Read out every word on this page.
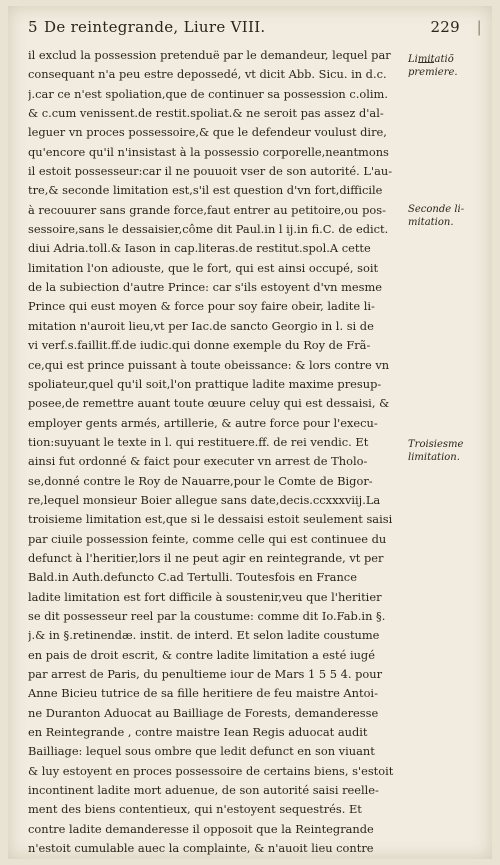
5 De reintegrande, Liure VIII.	229 |
il exclud la possession pretenduë par le demandeur, lequel par
consequant n'a peu estre depossedé, vt dicit Abb. Sicu. in d.c.
j.car ce n'est spoliation,que de continuer sa possession c.olim.
& c.cum venissent.de restit.spoliat.& ne seroit pas assez d'al-
leguer vn proces possessoire,& que le defendeur voulust dire,
qu'encore qu'il n'insistast à la possessio corporelle,neantmons
il estoit possesseur:car il ne pouuoit vser de son autorité. L'au-
tre,& seconde limitation est,s'il est question d'vn fort,difficile
à recouurer sans grande force,faut entrer au petitoire,ou pos-
sessoire,sans le dessaisier,côme dit Paul.in l ij.in fi.C. de edict.
diui Adria.toll.& Iason in cap.literas.de restitut.spol.A cette
limitation l'on adiouste, que le fort, qui est ainsi occupé, soit
de la subiection d'autre Prince: car s'ils estoyent d'vn mesme
Prince qui eust moyen & force pour soy faire obeir, ladite li-
mitation n'auroit lieu,vt per Iac.de sancto Georgio in l. si de
vi verf.s.faillit.ff.de iudic.qui donne exemple du Roy de Frã-
ce,qui est prince puissant à toute obeissance: & lors contre vn
spoliateur,quel qu'il soit,l'on prattique ladite maxime presup-
posee,de remettre auant toute œuure celuy qui est dessaisi, &
employer gents armés, artillerie, & autre force pour l'execu-
tion:suyuant le texte in l. qui restituere.ff. de rei vendic. Et
ainsi fut ordonné & faict pour executer vn arrest de Tholo-
se,donné contre le Roy de Nauarre,pour le Comte de Bigor-
re,lequel monsieur Boier allegue sans date,decis.ccxxxviij.La
troisieme limitation est,que si le dessaisi estoit seulement saisi
par ciuile possession feinte, comme celle qui est continuee du
defunct à l'heritier,lors il ne peut agir en reintegrande, vt per
Bald.in Auth.defuncto C.ad Tertulli. Toutesfois en France
ladite limitation est fort difficile à soustenir,veu que l'heritier
se dit possesseur reel par la coustume: comme dit Io.Fab.in §.
j.& in §.retinendæ. instit. de interd. Et selon ladite coustume
en pais de droit escrit, & contre ladite limitation a esté iugé
par arrest de Paris, du penultieme iour de Mars 1 5 5 4. pour
Anne Bicieu tutrice de sa fille heritiere de feu maistre Antoi-
ne Duranton Aduocat au Bailliage de Forests, demanderesse
en Reintegrande , contre maistre Iean Regis aduocat audit
Bailliage: lequel sous ombre que ledit defunct en son viuant
& luy estoyent en proces possessoire de certains biens, s'estoit
incontinent ladite mort aduenue, de son autorité saisi reelle-
ment des biens contentieux, qui n'estoyent sequestrés. Et
contre ladite demanderesse il opposoit que la Reintegrande
n'estoit cumulable auec la complainte, & n'auoit lieu contre
Limitatiõ
premiere.
Seconde li-
mitation.
Troisiesme
limitation.
